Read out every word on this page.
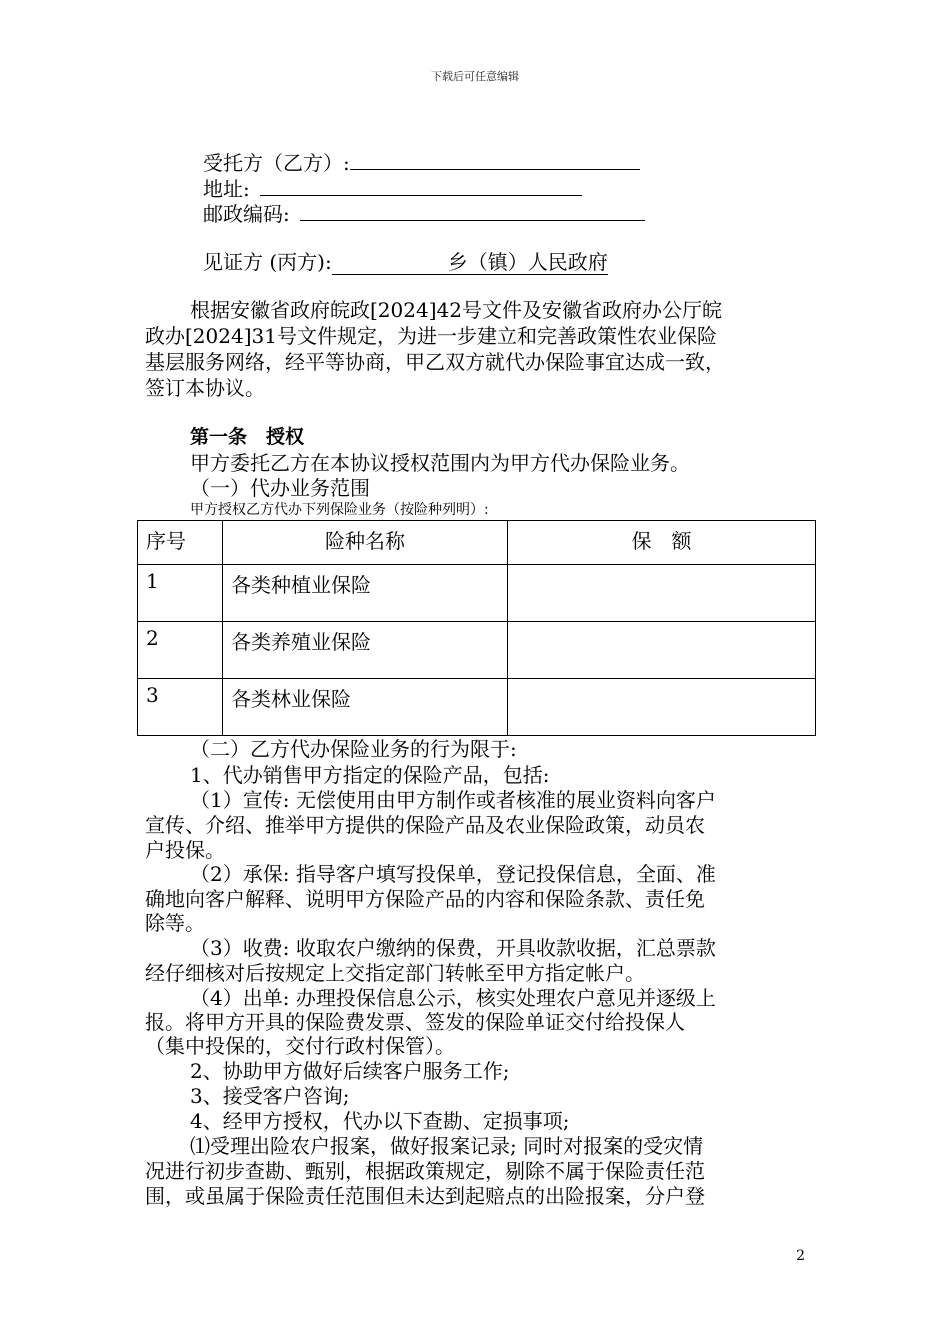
下载后可任意编辑
受托方（乙方）:
地址:
邮政编码:
见证方 (丙方):	乡（镇）人民政府
根据安徽省政府皖政[2024]42号文件及安徽省政府办公厅皖
政办[2024]31号文件规定，为进一步建立和完善政策性农业保险
基层服务网络，经平等协商，甲乙双方就代办保险事宜达成一致，
签订本协议。
第一条　授权
甲方委托乙方在本协议授权范围内为甲方代办保险业务。
（一）代办业务范围
甲方授权乙方代办下列保险业务（按险种列明）:
序号	险种名称	保　额
1	各类种植业保险	
2	各类养殖业保险	
3	各类林业保险	
（二）乙方代办保险业务的行为限于:
1、代办销售甲方指定的保险产品，包括:
（1）宣传: 无偿使用由甲方制作或者核准的展业资料向客户
宣传、介绍、推举甲方提供的保险产品及农业保险政策，动员农
户投保。
（2）承保: 指导客户填写投保单，登记投保信息，全面、准
确地向客户解释、说明甲方保险产品的内容和保险条款、责任免
除等。
（3）收费: 收取农户缴纳的保费，开具收款收据，汇总票款
经仔细核对后按规定上交指定部门转帐至甲方指定帐户。
（4）出单: 办理投保信息公示，核实处理农户意见并逐级上
报。将甲方开具的保险费发票、签发的保险单证交付给投保人
（集中投保的，交付行政村保管）。
2、协助甲方做好后续客户服务工作;
3、接受客户咨询;
4、经甲方授权，代办以下查勘、定损事项;
⑴受理出险农户报案，做好报案记录; 同时对报案的受灾情
况进行初步查勘、甄别，根据政策规定，剔除不属于保险责任范
围，或虽属于保险责任范围但未达到起赔点的出险报案，分户登
2
